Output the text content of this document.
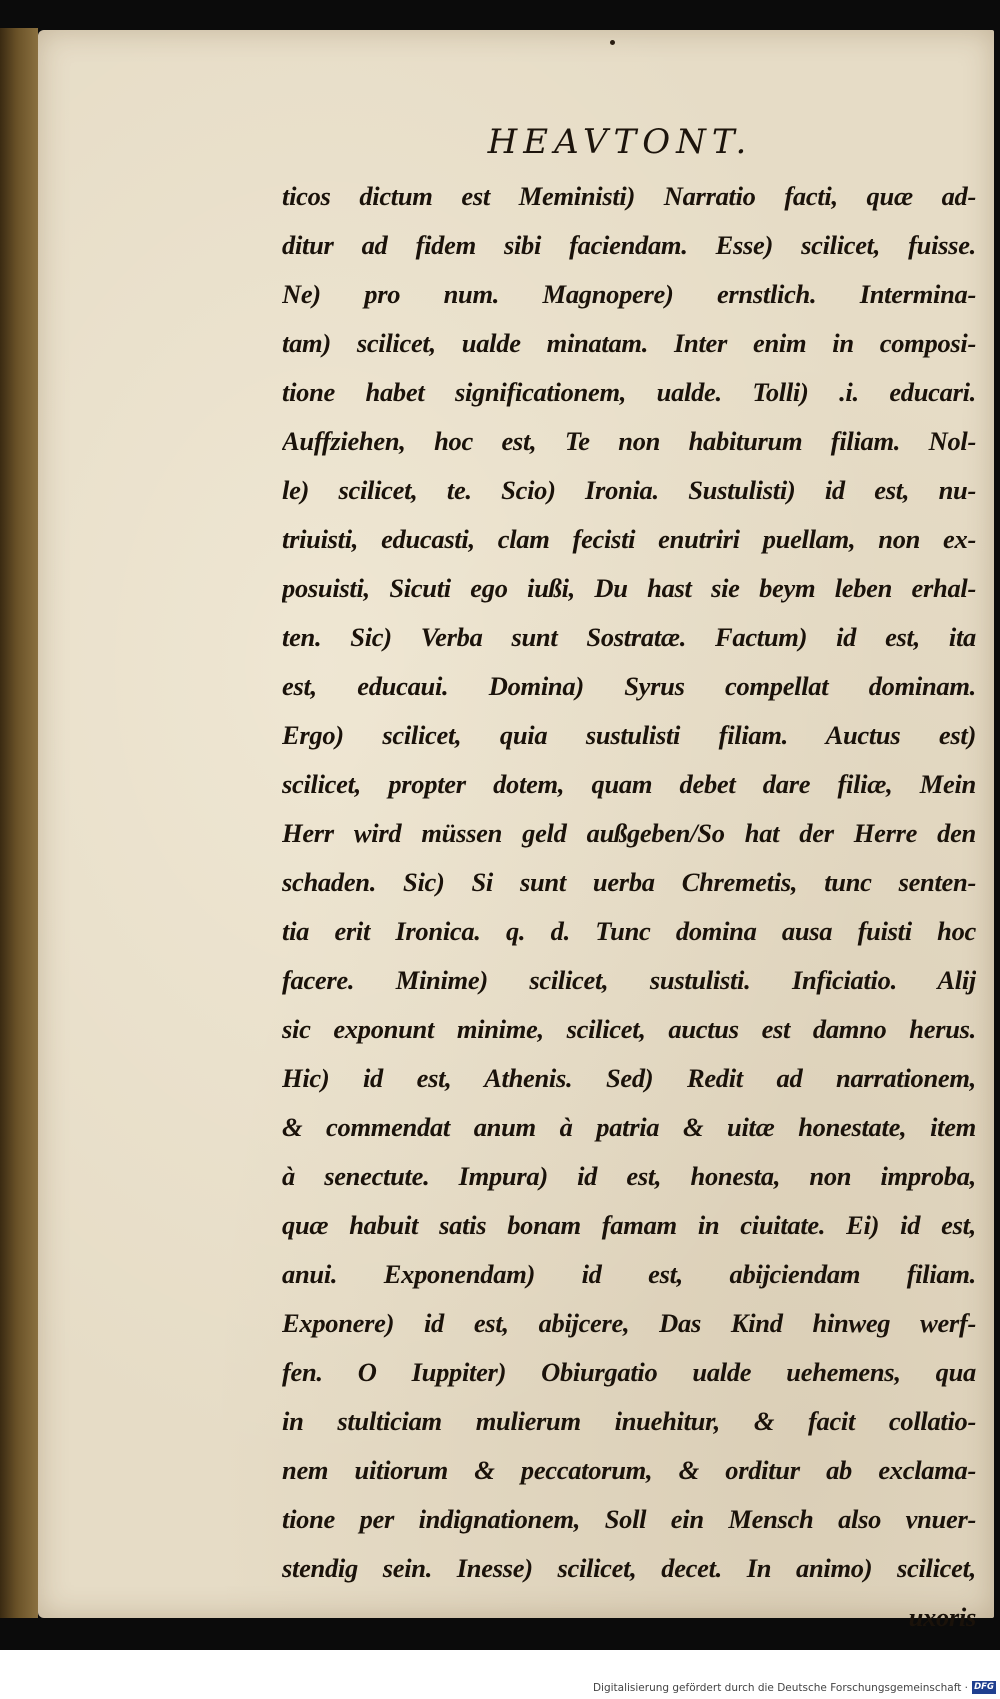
HEAVTONT.
ticos dictum est Meministi) Narratio facti, quæ ad-
ditur ad fidem sibi faciendam. Esse) scilicet, fuisse.
Ne) pro num. Magnopere) ernstlich. Intermina-
tam) scilicet, ualde minatam. Inter enim in composi-
tione habet significationem, ualde. Tolli) .i. educari.
Auffziehen, hoc est, Te non habiturum filiam. Nol-
le) scilicet, te. Scio) Ironia. Sustulisti) id est, nu-
triuisti, educasti, clam fecisti enutriri puellam, non ex-
posuisti, Sicuti ego iußi, Du hast sie beym leben erhal-
ten. Sic) Verba sunt Sostratæ. Factum) id est, ita
est, educaui. Domina) Syrus compellat dominam.
Ergo) scilicet, quia sustulisti filiam. Auctus est)
scilicet, propter dotem, quam debet dare filiæ, Mein
Herr wird müssen geld außgeben/So hat der Herre den
schaden. Sic) Si sunt uerba Chremetis, tunc senten-
tia erit Ironica. q. d. Tunc domina ausa fuisti hoc
facere. Minime) scilicet, sustulisti. Inficiatio. Alij
sic exponunt minime, scilicet, auctus est damno herus.
Hic) id est, Athenis. Sed) Redit ad narrationem,
& commendat anum à patria & uitæ honestate, item
à senectute. Impura) id est, honesta, non improba,
quæ habuit satis bonam famam in ciuitate. Ei) id est,
anui. Exponendam) id est, abijciendam filiam.
Exponere) id est, abijcere, Das Kind hinweg werf-
fen. O Iuppiter) Obiurgatio ualde uehemens, qua
in stulticiam mulierum inuehitur, & facit collatio-
nem uitiorum & peccatorum, & orditur ab exclama-
tione per indignationem, Soll ein Mensch also vnuer-
stendig sein. Inesse) scilicet, decet. In animo) scilicet,
uxoris
Digitalisierung gefördert durch die Deutsche Forschungsgemeinschaft · DFG
